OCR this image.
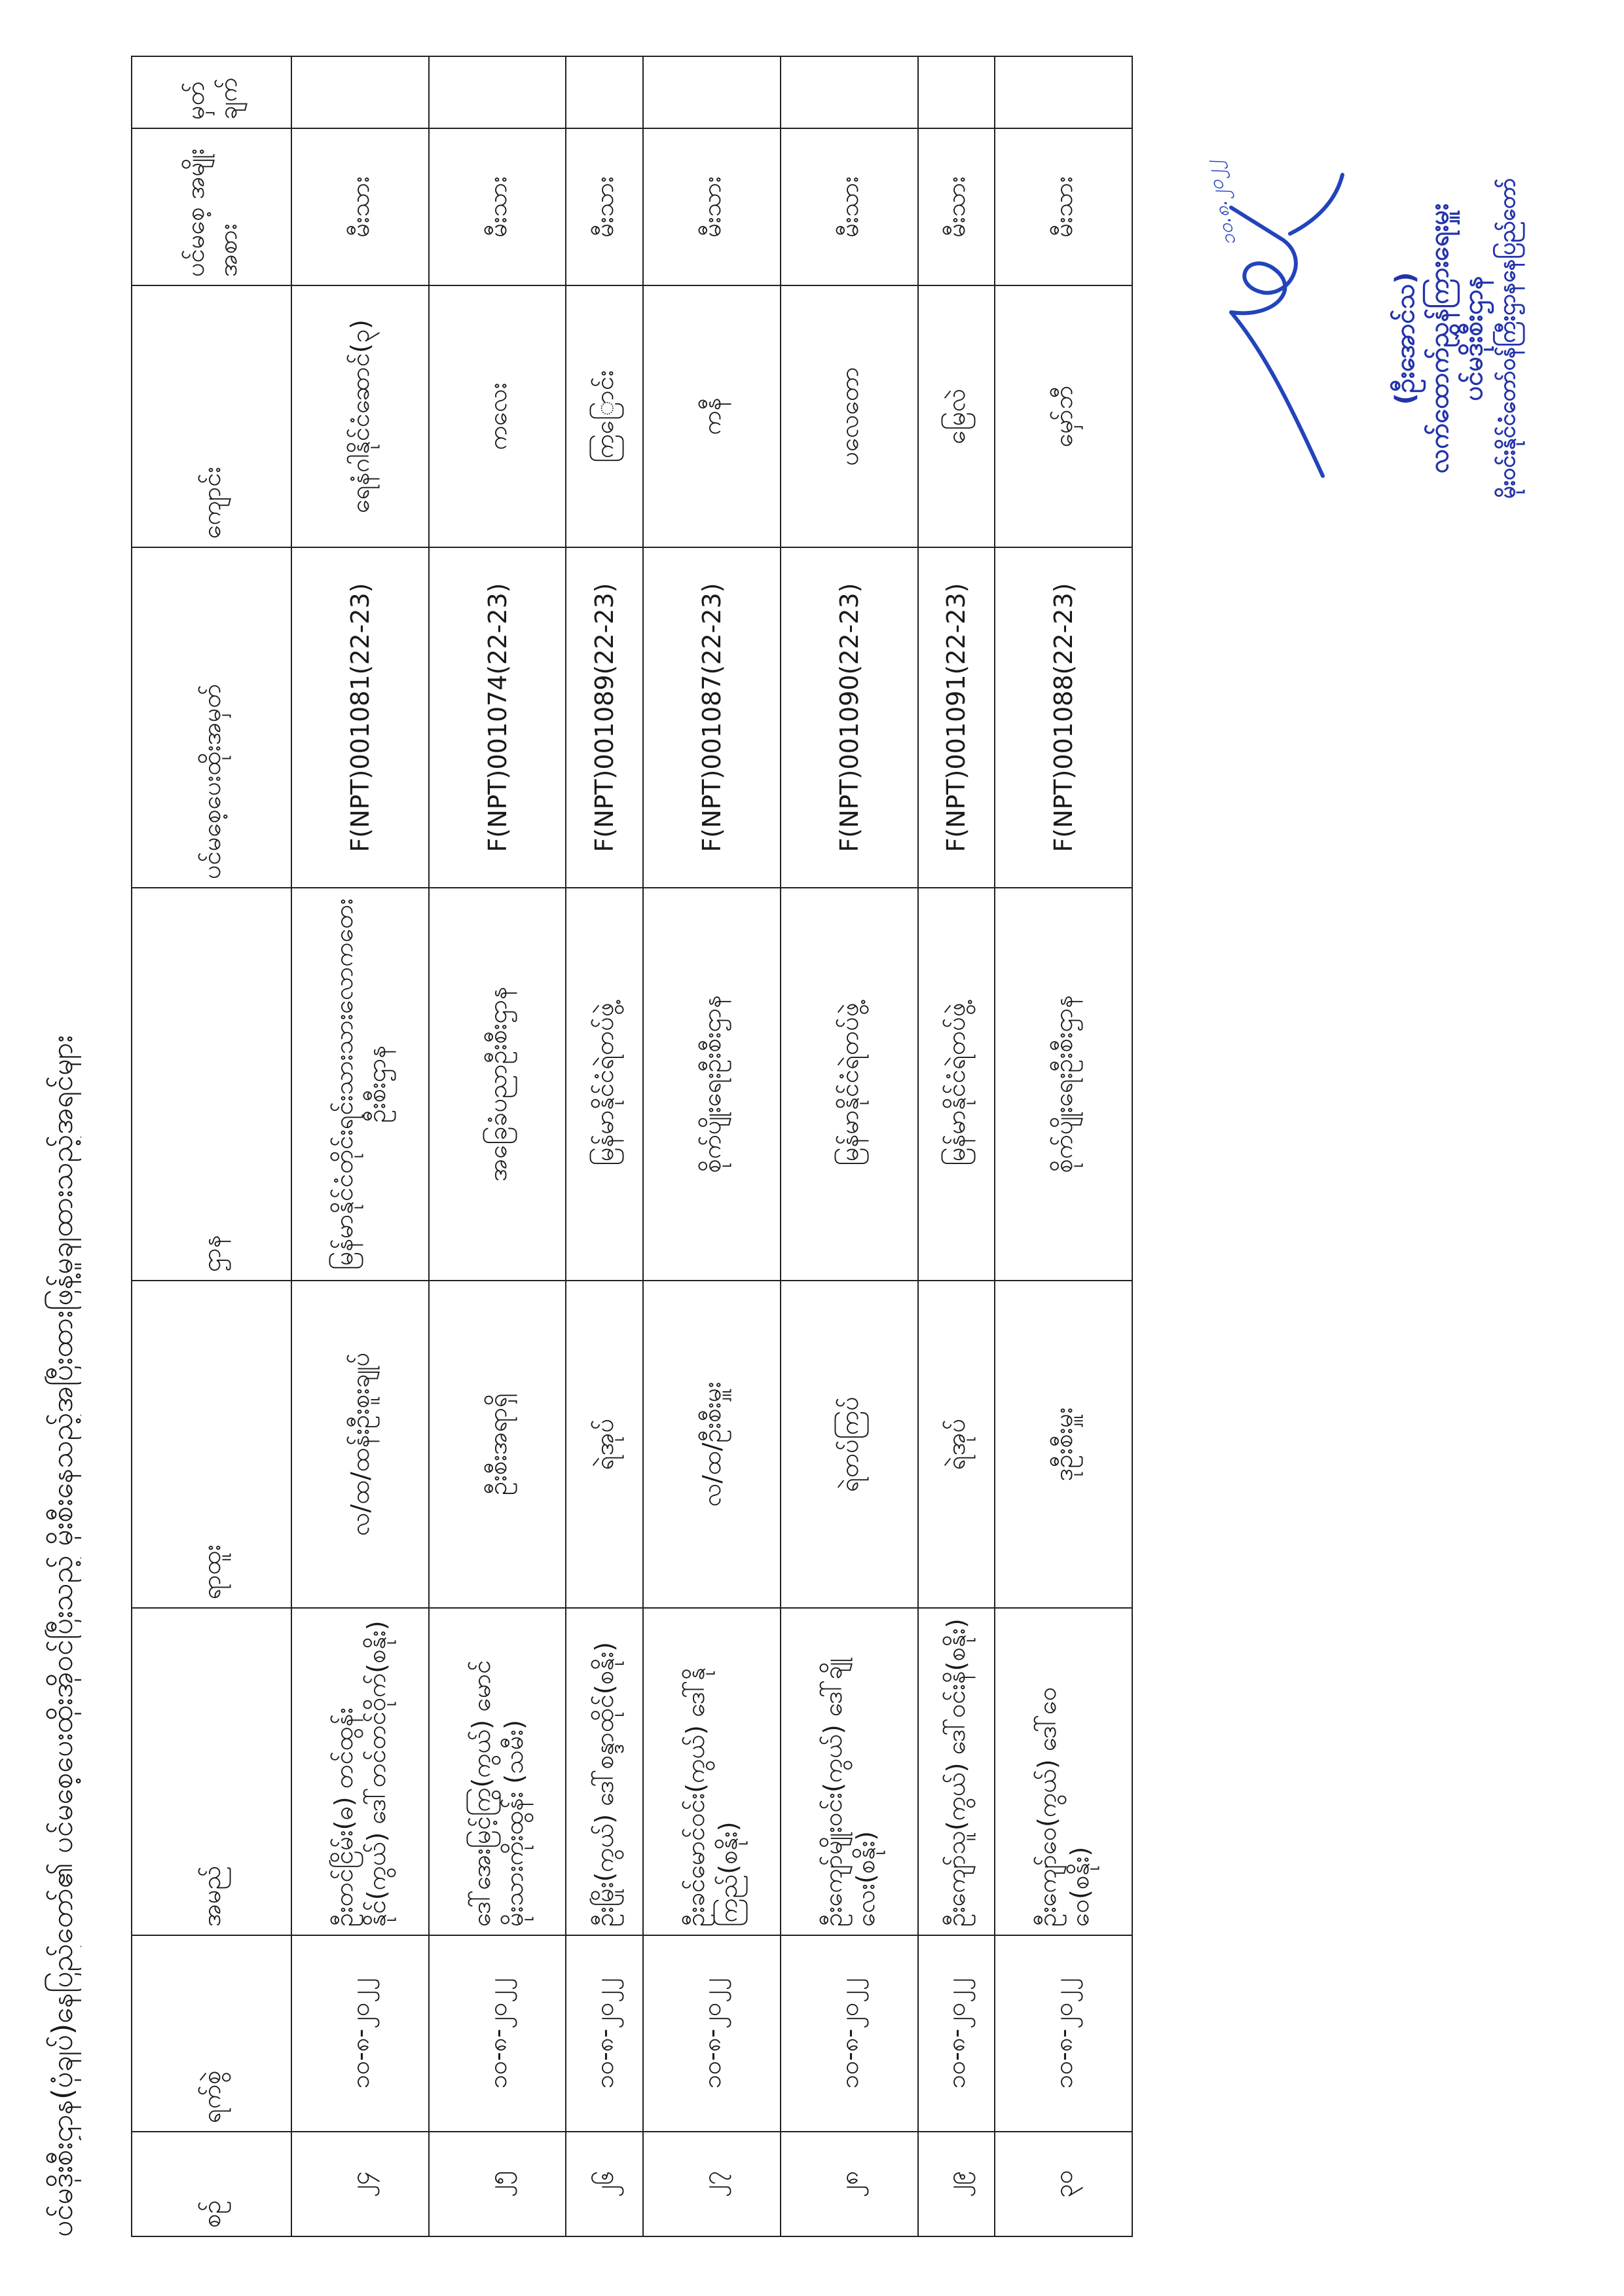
ပင်မဒိုးစီးဌာန(ပုံချပ်)နေပြည်တော်၏ ပင်မစေ့ပေးထိုးအိုဝင်ပြီးသည့် မိုးစီးနေသည့်အပြီးထားဖြန့်မှုချထားသည့်အရင်များ	စဥ်	ရက်စွဲ	အမည်	ရာထူး	ဌာန	ပင်မစေ့ပေးထိုးအမှတ်	ကျောင်း	ပင်မစေ့ အမျိုးအစား	မှတ်ချက်
၂၄	၁၀-၈-၂၀၂၂	ဦးတင်ငြိမ်း(ဓ) တင်ထွန်းနိုင်(ကွယ်) ဒေါ်တင်တင်ဝိုက်(စနိုး)	လ/ထ/ထန်းဦးစူးချုပ်	မြန်မာနိုင်ငံတိုင်းရင်းသားသားလောကတေး ဦးစီးဌာန	F(NPT)001081(22-23)	ရေနံဂါနိုင်ငံဆောင်(၃)	မီးသား	
၂၅	၁၀-၈-၂၀၂၂	ဒေါ်အေးမြင့်ကြွ(ကွယ်) မောင်မိုးသားကိုးထွန်း (သမီး)	ဦးစီးအရာရှိ	အခြေခံပညာဦးစီးဌာန	F(NPT)001074(22-23)	ကလေး	မီးသား	
၂၆	၁၀-၈-၂၀၂၂	ဦးမြိုး(ကွယ်) ဒေါ်စန္ဒာထိုင်(စနိုး)	ရဲအုပ်	မြန်မာနိုင်ငံရဲတပ်ဖွဲ့	F(NPT)001089(22-23)	ကြြောင်း	မီးသား	
၂၇	၁၀-၈-၂၀၂၂	ဦးခင်မောင်ဝင်း(ကွယ်) ဒေါ်နိုကြည်(စနိုး)	လ/ထ/ဦးစီးမှူး	စိုက်ပျိုးရေးဦးစီးဌာန	F(NPT)001087(22-23)	ကနီ	မီးသား	
၂၈	၁၀-၈-၂၀၂၂	ဦးကျော်မျိုးဝင်း(ကွယ်) ဒေါ်ချိုလေး(စနိုး)	ရဲတပ်ကြပ်	မြန်မာနိုင်ငံရဲတပ်ဖွဲ့	F(NPT)001090(22-23)	ပလေတော	မီးသား	
၂၉	၁၀-၈-၂၀၂၂	ဦးကျော်သူ(ကွယ်) ဒေါ်ဝင်းနိ(စနိုး)	ရဲအုပ်	မြန်မာနိုင်ငံရဲတပ်ဖွဲ့	F(NPT)001091(22-23)	မြေလဲ	မီးသား	
၃၀	၁၀-၈-၂၀၂၂	ဦးကျော်ဝေ(ကွယ်) ဒေါ်ဝေဝေ(စနိုး)	ဒုဦးစီးမှူး	စိုက်ပျိုးရေးဦးစီးဌာန	F(NPT)001088(22-23)	မှော်ဘီ	မီးသား		၁၀.၈.၂၀၂၂
(ဦးအောင်သ) လက်ထောက်ညွှန်ကြားရေးမှူး ပင်မဒိုးစီးဌာန မိုးဝင်းနိုင်ငံတော်ဝန်ကြီးဌာနနေပြည်တော်
